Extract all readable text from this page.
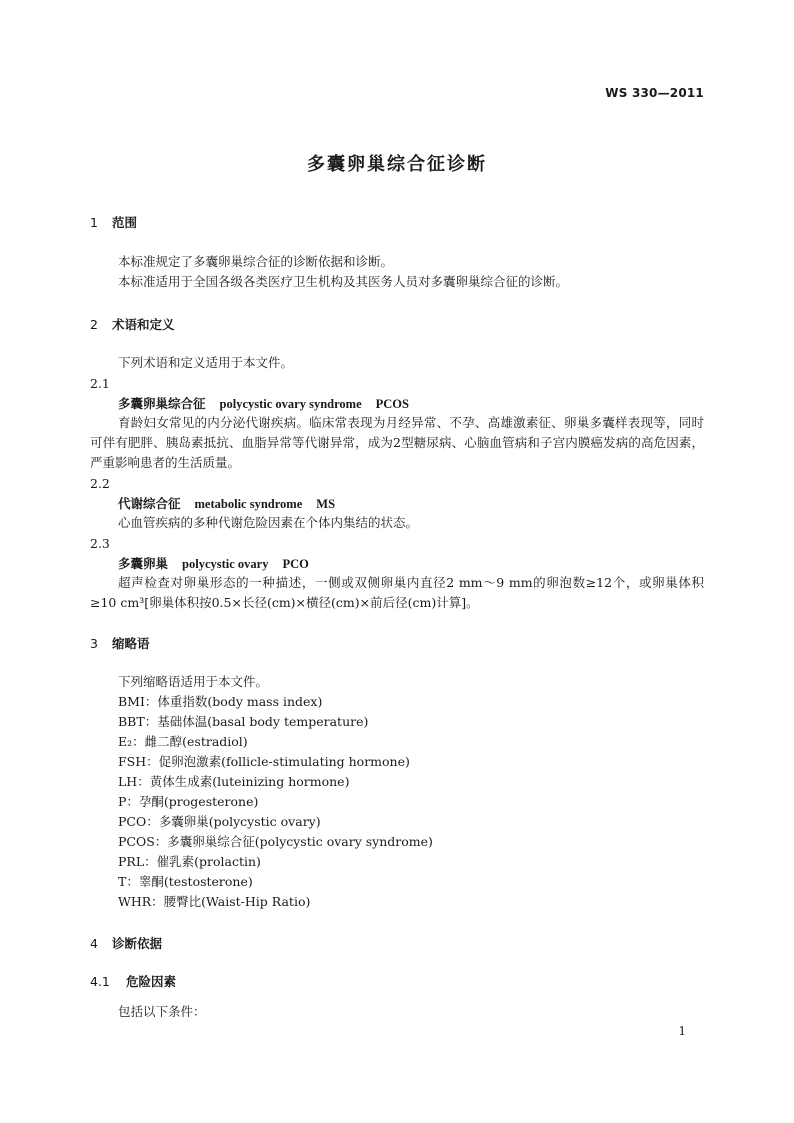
WS 330—2011
多囊卵巢综合征诊断
1 范围
本标准规定了多囊卵巢综合征的诊断依据和诊断。
本标准适用于全国各级各类医疗卫生机构及其医务人员对多囊卵巢综合征的诊断。
2 术语和定义
下列术语和定义适用于本文件。
2.1
多囊卵巢综合征 polycystic ovary syndrome PCOS
育龄妇女常见的内分泌代谢疾病。临床常表现为月经异常、不孕、高雄激素征、卵巢多囊样表现等，同时可伴有肥胖、胰岛素抵抗、血脂异常等代谢异常，成为2型糖尿病、心脑血管病和子宫内膜癌发病的高危因素，严重影响患者的生活质量。
2.2
代谢综合征 metabolic syndrome MS
心血管疾病的多种代谢危险因素在个体内集结的状态。
2.3
多囊卵巢 polycystic ovary PCO
超声检查对卵巢形态的一种描述，一侧或双侧卵巢内直径2 mm～9 mm的卵泡数≥12个，或卵巢体积≥10 cm³[卵巢体积按0.5×长径(cm)×横径(cm)×前后径(cm)计算]。
3 缩略语
下列缩略语适用于本文件。
BMI：体重指数(body mass index)
BBT：基础体温(basal body temperature)
E₂：雌二醇(estradiol)
FSH：促卵泡激素(follicle-stimulating hormone)
LH：黄体生成素(luteinizing hormone)
P：孕酮(progesterone)
PCO：多囊卵巢(polycystic ovary)
PCOS：多囊卵巢综合征(polycystic ovary syndrome)
PRL：催乳素(prolactin)
T：睾酮(testosterone)
WHR：腰臀比(Waist-Hip Ratio)
4 诊断依据
4.1 危险因素
包括以下条件：
1
